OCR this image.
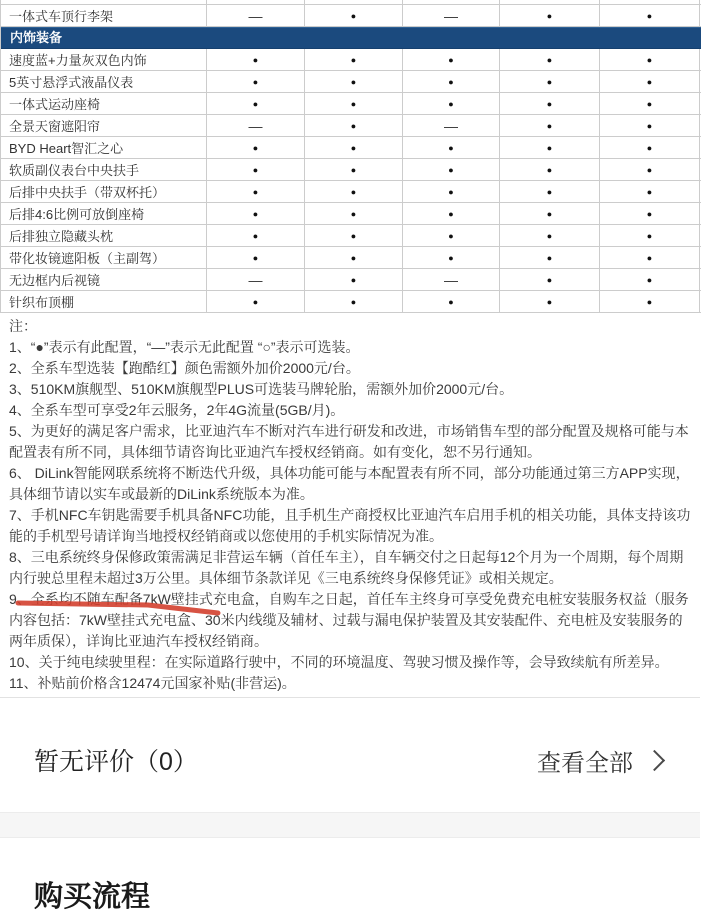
一体式车顶行李架	—	●	—	●	●
内饰装备
速度蓝+力量灰双色内饰	●	●	●	●	●
5英寸悬浮式液晶仪表	●	●	●	●	●
一体式运动座椅	●	●	●	●	●
全景天窗遮阳帘	—	●	—	●	●
BYD Heart智汇之心	●	●	●	●	●
软质副仪表台中央扶手	●	●	●	●	●
后排中央扶手（带双杯托）	●	●	●	●	●
后排4:6比例可放倒座椅	●	●	●	●	●
后排独立隐藏头枕	●	●	●	●	●
带化妆镜遮阳板（主副驾）	●	●	●	●	●
无边框内后视镜	—	●	—	●	●
针织布顶棚	●	●	●	●	●
注：
1、“●”表示有此配置，“—”表示无此配置 “○”表示可选装。
2、全系车型选装【跑酷红】颜色需额外加价2000元/台。
3、510KM旗舰型、510KM旗舰型PLUS可选装马牌轮胎，需额外加价2000元/台。
4、全系车型可享受2年云服务，2年4G流量(5GB/月)。
5、为更好的满足客户需求，比亚迪汽车不断对汽车进行研发和改进，市场销售车型的部分配置及规格可能与本配置表有所不同，具体细节请咨询比亚迪汽车授权经销商。如有变化，恕不另行通知。
6、 DiLink智能网联系统将不断迭代升级，具体功能可能与本配置表有所不同，部分功能通过第三方APP实现，具体细节请以实车或最新的DiLink系统版本为准。
7、手机NFC车钥匙需要手机具备NFC功能，且手机生产商授权比亚迪汽车启用手机的相关功能，具体支持该功能的手机型号请详询当地授权经销商或以您使用的手机实际情况为准。
8、三电系统终身保修政策需满足非营运车辆（首任车主），自车辆交付之日起每12个月为一个周期，每个周期内行驶总里程未超过3万公里。具体细节条款详见《三电系统终身保修凭证》或相关规定。
9、全系均不随车配备7kW壁挂式充电盒，自购车之日起，首任车主终身可享受免费充电桩安装服务权益（服务内容包括：7kW壁挂式充电盒、30米内线缆及辅材、过载与漏电保护装置及其安装配件、充电桩及安装服务的两年质保），详询比亚迪汽车授权经销商。
10、关于纯电续驶里程：在实际道路行驶中，不同的环境温度、驾驶习惯及操作等，会导致续航有所差异。
11、补贴前价格含12474元国家补贴(非营运)。
暂无评价（0）	查看全部
购买流程
